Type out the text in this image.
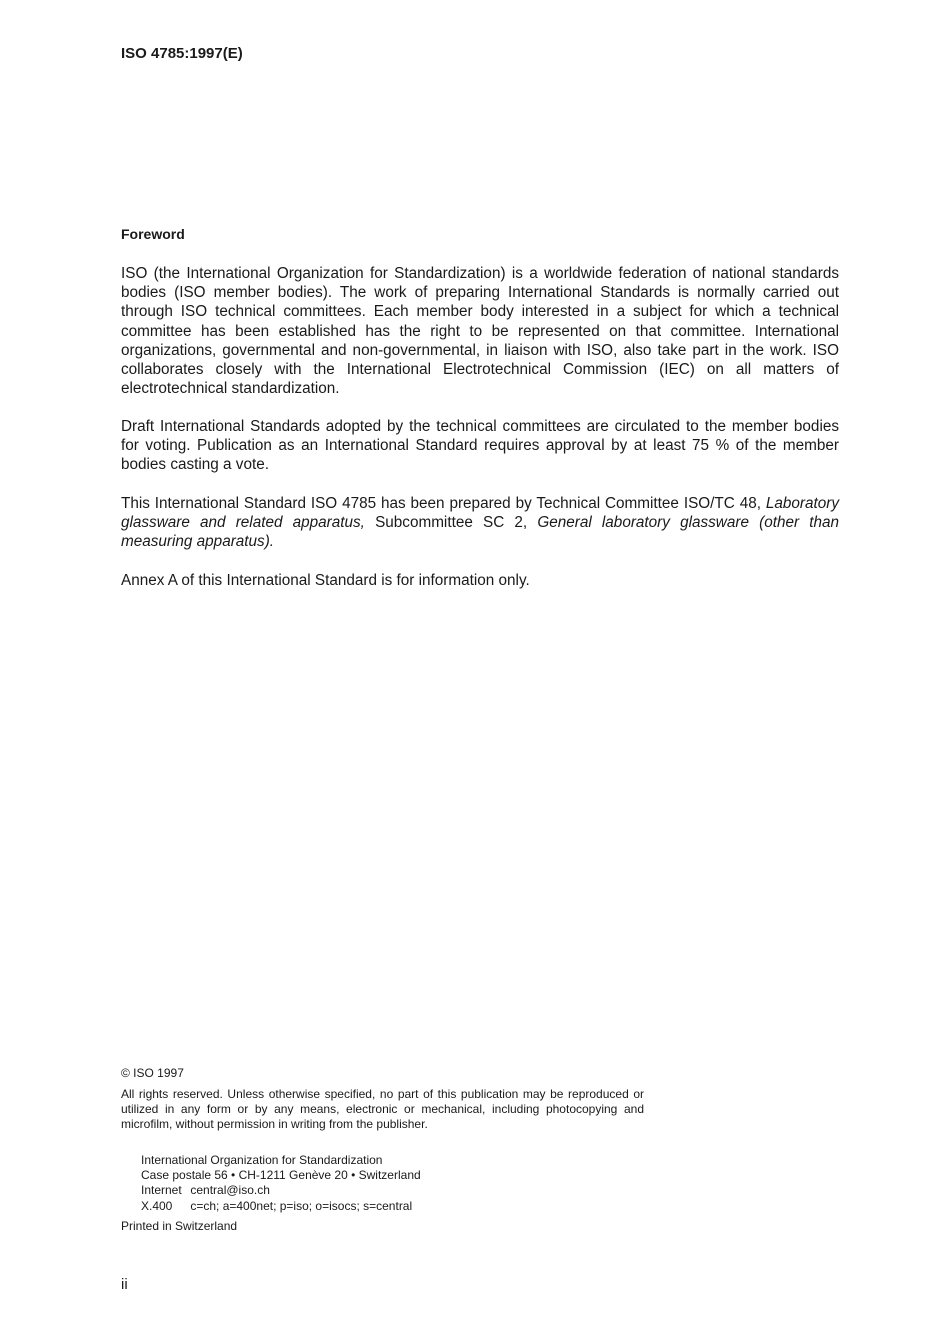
ISO 4785:1997(E)
Foreword

ISO (the International Organization for Standardization) is a worldwide federation of national standards bodies (ISO member bodies). The work of preparing International Standards is normally carried out through ISO technical committees. Each member body interested in a subject for which a technical committee has been established has the right to be represented on that committee. International organizations, governmental and non-governmental, in liaison with ISO, also take part in the work. ISO collaborates closely with the International Electrotechnical Commission (IEC) on all matters of electrotechnical standardization.

Draft International Standards adopted by the technical committees are circulated to the member bodies for voting. Publication as an International Standard requires approval by at least 75 % of the member bodies casting a vote.

This International Standard ISO 4785 has been prepared by Technical Committee ISO/TC 48, Laboratory glassware and related apparatus, Subcommittee SC 2, General laboratory glassware (other than measuring apparatus).

Annex A of this International Standard is for information only.

© ISO 1997
All rights reserved. Unless otherwise specified, no part of this publication may be reproduced or utilized in any form or by any means, electronic or mechanical, including photocopying and microfilm, without permission in writing from the publisher.
International Organization for Standardization
Case postale 56 • CH-1211 Genève 20 • Switzerland
Internet central@iso.ch
X.400 c=ch; a=400net; p=iso; o=isocs; s=central
Printed in Switzerland
ii
